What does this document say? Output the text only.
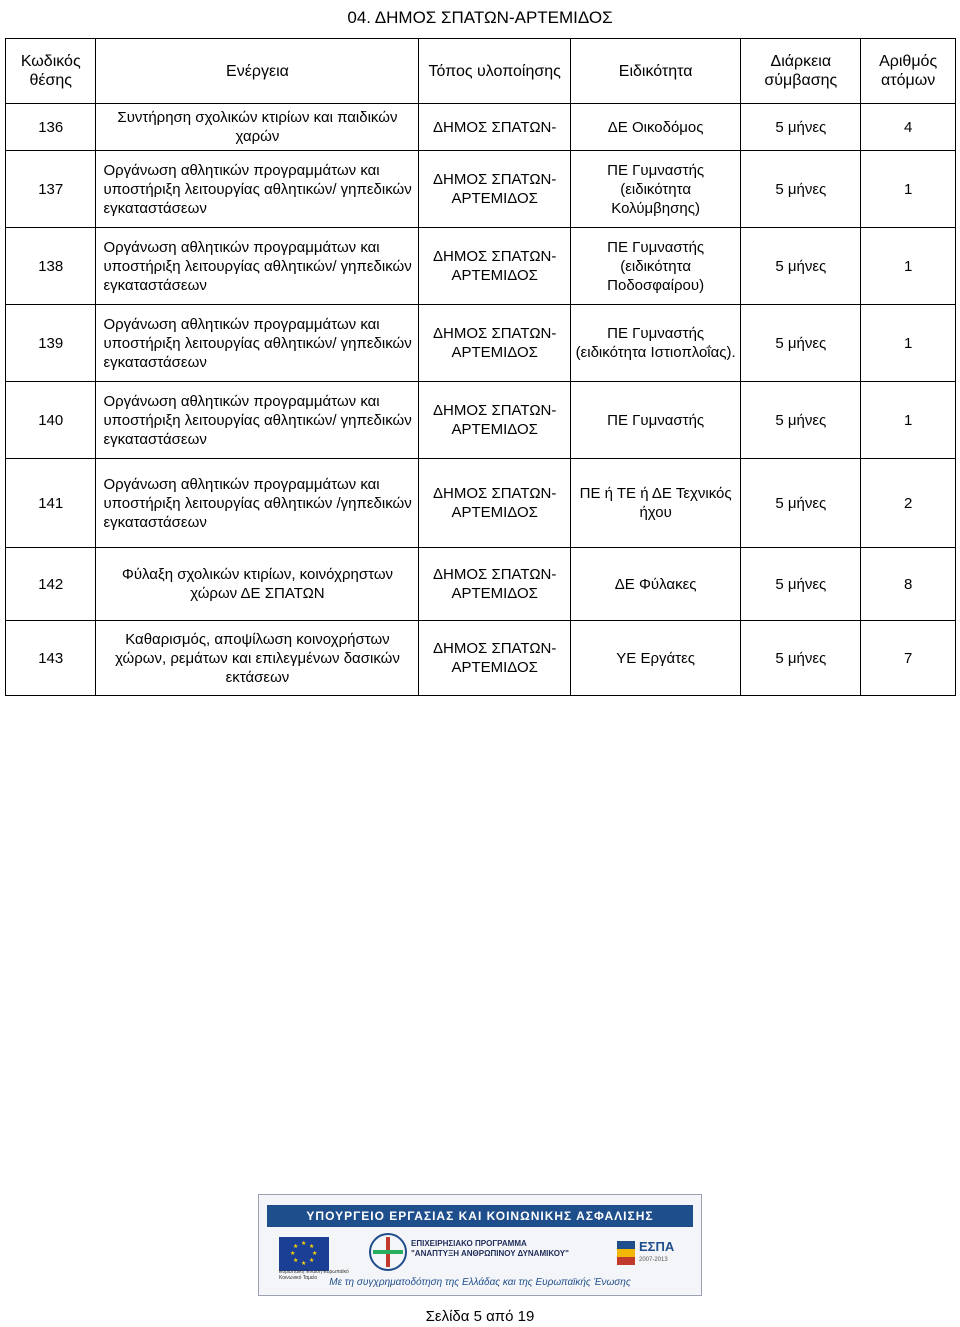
04. ΔΗΜΟΣ ΣΠΑΤΩΝ-ΑΡΤΕΜΙΔΟΣ
Κωδικός θέσης	Ενέργεια	Τόπος υλοποίησης	Ειδικότητα	Διάρκεια σύμβασης	Αριθμός ατόμων
136	Συντήρηση σχολικών κτιρίων και παιδικών χαρών	ΔΗΜΟΣ ΣΠΑΤΩΝ-	ΔΕ Οικοδόμος	5 μήνες	4
137	Οργάνωση αθλητικών προγραμμάτων και υποστήριξη λειτουργίας αθλητικών/ γηπεδικών εγκαταστάσεων	ΔΗΜΟΣ ΣΠΑΤΩΝ- ΑΡΤΕΜΙΔΟΣ	ΠΕ Γυμναστής (ειδικότητα Κολύμβησης)	5 μήνες	1
138	Οργάνωση αθλητικών προγραμμάτων και υποστήριξη λειτουργίας αθλητικών/ γηπεδικών εγκαταστάσεων	ΔΗΜΟΣ ΣΠΑΤΩΝ- ΑΡΤΕΜΙΔΟΣ	ΠΕ Γυμναστής (ειδικότητα Ποδοσφαίρου)	5 μήνες	1
139	Οργάνωση αθλητικών προγραμμάτων και υποστήριξη λειτουργίας αθλητικών/ γηπεδικών εγκαταστάσεων	ΔΗΜΟΣ ΣΠΑΤΩΝ- ΑΡΤΕΜΙΔΟΣ	ΠΕ Γυμναστής (ειδικότητα Ιστιοπλοΐας).	5 μήνες	1
140	Οργάνωση αθλητικών προγραμμάτων και υποστήριξη λειτουργίας αθλητικών/ γηπεδικών εγκαταστάσεων	ΔΗΜΟΣ ΣΠΑΤΩΝ- ΑΡΤΕΜΙΔΟΣ	ΠΕ Γυμναστής	5 μήνες	1
141	Οργάνωση αθλητικών προγραμμάτων και υποστήριξη λειτουργίας αθλητικών /γηπεδικών εγκαταστάσεων	ΔΗΜΟΣ ΣΠΑΤΩΝ- ΑΡΤΕΜΙΔΟΣ	ΠΕ ή ΤΕ ή ΔΕ Τεχνικός ήχου	5 μήνες	2
142	Φύλαξη σχολικών κτιρίων, κοινόχρηστων χώρων ΔΕ ΣΠΑΤΩΝ	ΔΗΜΟΣ ΣΠΑΤΩΝ- ΑΡΤΕΜΙΔΟΣ	ΔΕ Φύλακες	5 μήνες	8
143	Καθαρισμός, αποψίλωση κοινοχρήστων χώρων, ρεμάτων και επιλεγμένων δασικών εκτάσεων	ΔΗΜΟΣ ΣΠΑΤΩΝ- ΑΡΤΕΜΙΔΟΣ	ΥΕ Εργάτες	5 μήνες	7
ΥΠΟΥΡΓΕΙΟ ΕΡΓΑΣΙΑΣ ΚΑΙ ΚΟΙΝΩΝΙΚΗΣ ΑΣΦΑΛΙΣΗΣ
★ ★
★
★
★
★
★
★
Ευρωπαϊκή Ένωση Ευρωπαϊκό Κοινωνικό Ταμείο
ΕΠΙΧΕΙΡΗΣΙΑΚΟ ΠΡΟΓΡΑΜΜΑ
"ΑΝΑΠΤΥΞΗ ΑΝΘΡΩΠΙΝΟΥ ΔΥΝΑΜΙΚΟΥ"	ΕΣΠΑ
2007-2013
Με τη συγχρηματοδότηση της Ελλάδας και της Ευρωπαϊκής Ένωσης
Σελίδα 5 από 19
